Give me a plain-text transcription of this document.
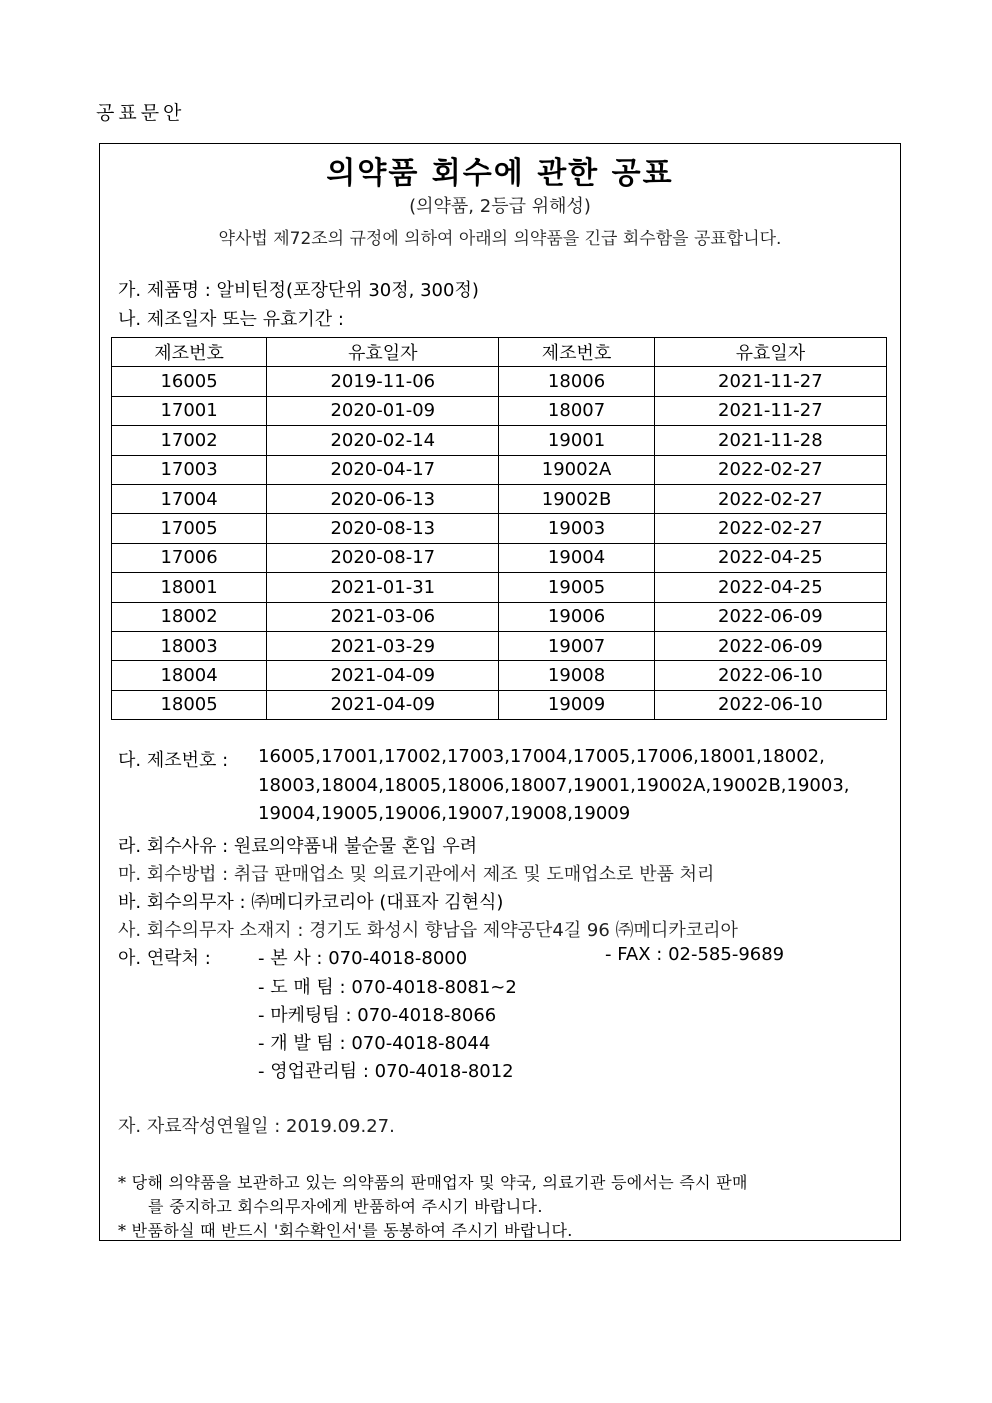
공표문안
의약품 회수에 관한 공표
(의약품, 2등급 위해성)
약사법 제72조의 규정에 의하여 아래의 의약품을 긴급 회수함을 공표합니다.
가. 제품명 : 알비틴정(포장단위 30정, 300정)
나. 제조일자 또는 유효기간 :
제조번호	유효일자	제조번호	유효일자
16005	2019-11-06	18006	2021-11-27
17001	2020-01-09	18007	2021-11-27
17002	2020-02-14	19001	2021-11-28
17003	2020-04-17	19002A	2022-02-27
17004	2020-06-13	19002B	2022-02-27
17005	2020-08-13	19003	2022-02-27
17006	2020-08-17	19004	2022-04-25
18001	2021-01-31	19005	2022-04-25
18002	2021-03-06	19006	2022-06-09
18003	2021-03-29	19007	2022-06-09
18004	2021-04-09	19008	2022-06-10
18005	2021-04-09	19009	2022-06-10
다. 제조번호 : 16005,17001,17002,17003,17004,17005,17006,18001,18002,
18003,18004,18005,18006,18007,19001,19002A,19002B,19003,
19004,19005,19006,19007,19008,19009
라. 회수사유 : 원료의약품내 불순물 혼입 우려
마. 회수방법 : 취급 판매업소 및 의료기관에서 제조 및 도매업소로 반품 처리
바. 회수의무자 : ㈜메디카코리아 (대표자 김현식)
사. 회수의무자 소재지 : 경기도 화성시 향남읍 제약공단4길 96 ㈜메디카코리아
아. 연락처 :	- 본 사 : 070-4018-8000	- FAX : 02-585-9689
- 도 매 팀 : 070-4018-8081~2
- 마케팅팀 : 070-4018-8066
- 개 발 팀 : 070-4018-8044
- 영업관리팀 : 070-4018-8012
자. 자료작성연월일 : 2019.09.27.
* 당해 의약품을 보관하고 있는 의약품의 판매업자 및 약국, 의료기관 등에서는 즉시 판매
를 중지하고 회수의무자에게 반품하여 주시기 바랍니다.
* 반품하실 때 반드시 '회수확인서'를 동봉하여 주시기 바랍니다.
